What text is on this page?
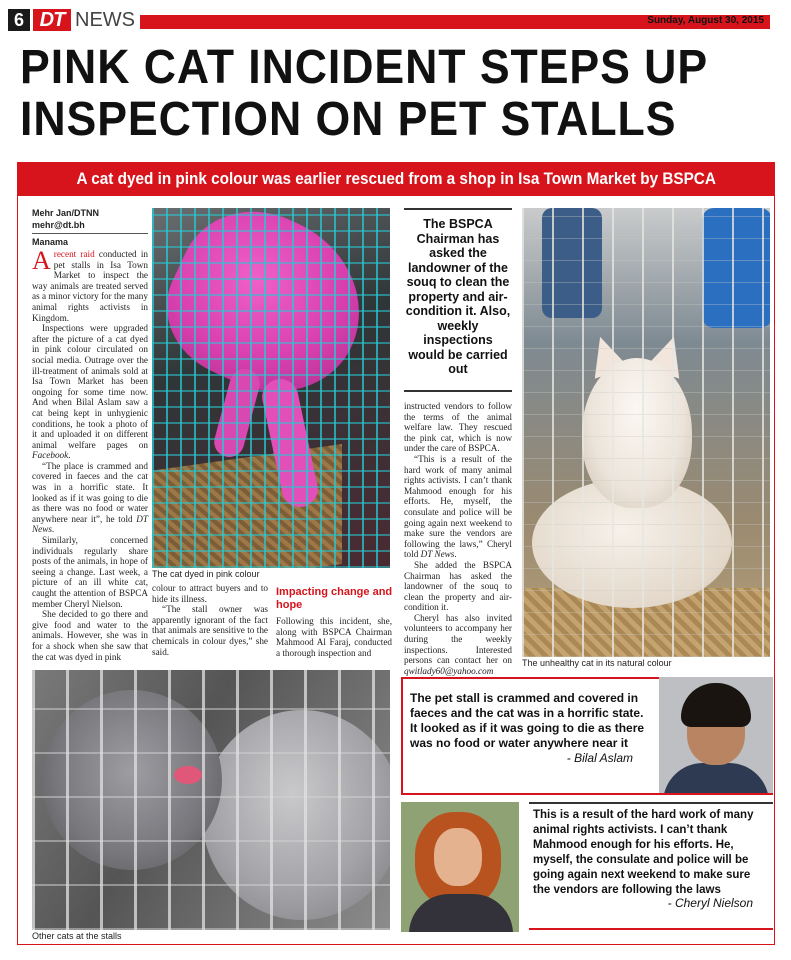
6 DT NEWS	Sunday, August 30, 2015
PINK CAT INCIDENT STEPS UP
INSPECTION ON PET STALLS
A cat dyed in pink colour was earlier rescued from a shop in Isa Town Market by BSPCA
Mehr Jan/DTNN
mehr@dt.bh
Manama

Arecent raid conducted in pet stalls in Isa Town Market to inspect the way animals are treated served as a minor victory for the many animal rights activists in Kingdom.

Inspections were upgraded after the picture of a cat dyed in pink colour circulated on social media. Outrage over the ill-treatment of animals sold at Isa Town Market has been ongoing for some time now. And when Bilal Aslam saw a cat being kept in unhygienic conditions, he took a photo of it and uploaded it on different animal welfare pages on Facebook.

“The place is crammed and covered in faeces and the cat was in a horrific state. It looked as if it was going to die as there was no food or water anywhere near it”, he told DT News.

Similarly, concerned individuals regularly share posts of the animals, in hope of seeing a change. Last week, a picture of an ill white cat, caught the attention of BSPCA member Cheryl Nielson.

She decided to go there and give food and water to the animals. However, she was in for a shock when she saw that the cat was dyed in pink

The cat dyed in pink colour

colour to attract buyers and to hide its illness.

“The stall owner was apparently ignorant of the fact that animals are sensitive to the chemicals in colour dyes,” she said.

Impacting change and hope

Following this incident, she, along with BSPCA Chairman Mahmood Al Faraj, conducted a thorough inspection and

The BSPCA Chairman has asked the landowner of the souq to clean the property and air-condition it. Also, weekly inspections would be carried out

instructed vendors to follow the terms of the animal welfare law. They rescued the pink cat, which is now under the care of BSPCA.

“This is a result of the hard work of many animal rights activists. I can’t thank Mahmood enough for his efforts. He, myself, the consulate and police will be going again next weekend to make sure the vendors are following the laws,” Cheryl told DT News.

She added the BSPCA Chairman has asked the landowner of the souq to clean the property and air-condition it.

Cheryl has also invited volunteers to accompany her during the weekly inspections. Interested persons can contact her on qwitlady60@yahoo.com

The unhealthy cat in its natural colour
Other cats at the stalls
The pet stall is crammed and covered in faeces and the cat was in a horrific state. It looked as if it was going to die as there was no food or water anywhere near it
- Bilal Aslam
This is a result of the hard work of many animal rights activists. I can’t thank Mahmood enough for his efforts. He, myself, the consulate and police will be going again next weekend to make sure the vendors are following the laws
- Cheryl Nielson
